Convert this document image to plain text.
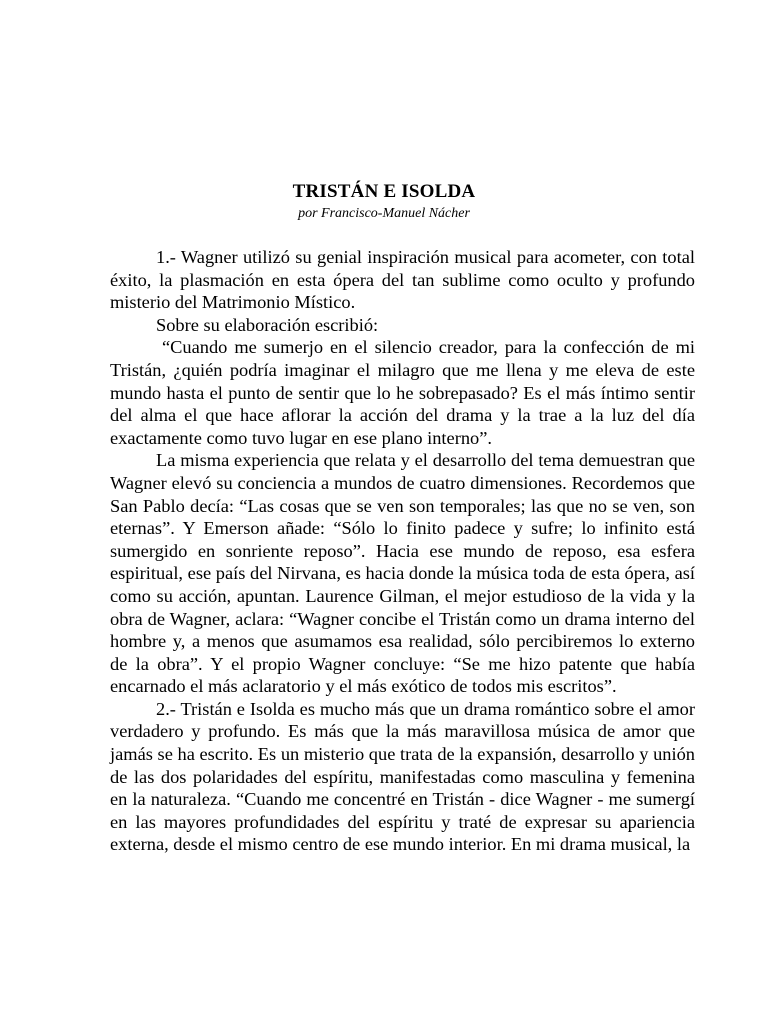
TRISTÁN E ISOLDA
por Francisco-Manuel Nácher

1.- Wagner utilizó su genial inspiración musical para acometer, con total éxito, la plasmación en esta ópera del tan sublime como oculto y profundo misterio del Matrimonio Místico.

Sobre su elaboración escribió:

“Cuando me sumerjo en el silencio creador, para la confección de mi Tristán, ¿quién podría imaginar el milagro que me llena y me eleva de este mundo hasta el punto de sentir que lo he sobrepasado? Es el más íntimo sentir del alma el que hace aflorar la acción del drama y la trae a la luz del día exactamente como tuvo lugar en ese plano interno”.

La misma experiencia que relata y el desarrollo del tema demuestran que Wagner elevó su conciencia a mundos de cuatro dimensiones. Recordemos que San Pablo decía: “Las cosas que se ven son temporales; las que no se ven, son eternas”. Y Emerson añade: “Sólo lo finito padece y sufre; lo infinito está sumergido en sonriente reposo”. Hacia ese mundo de reposo, esa esfera espiritual, ese país del Nirvana, es hacia donde la música toda de esta ópera, así como su acción, apuntan. Laurence Gilman, el mejor estudioso de la vida y la obra de Wagner, aclara: “Wagner concibe el Tristán como un drama interno del hombre y, a menos que asumamos esa realidad, sólo percibiremos lo externo de la obra”. Y el propio Wagner concluye: “Se me hizo patente que había encarnado el más aclaratorio y el más exótico de todos mis escritos”.

2.- Tristán e Isolda es mucho más que un drama romántico sobre el amor verdadero y profundo. Es más que la más maravillosa música de amor que jamás se ha escrito. Es un misterio que trata de la expansión, desarrollo y unión de las dos polaridades del espíritu, manifestadas como masculina y femenina en la naturaleza. “Cuando me concentré en Tristán - dice Wagner - me sumergí en las mayores profundidades del espíritu y traté de expresar su apariencia externa, desde el mismo centro de ese mundo interior. En mi drama musical, la
